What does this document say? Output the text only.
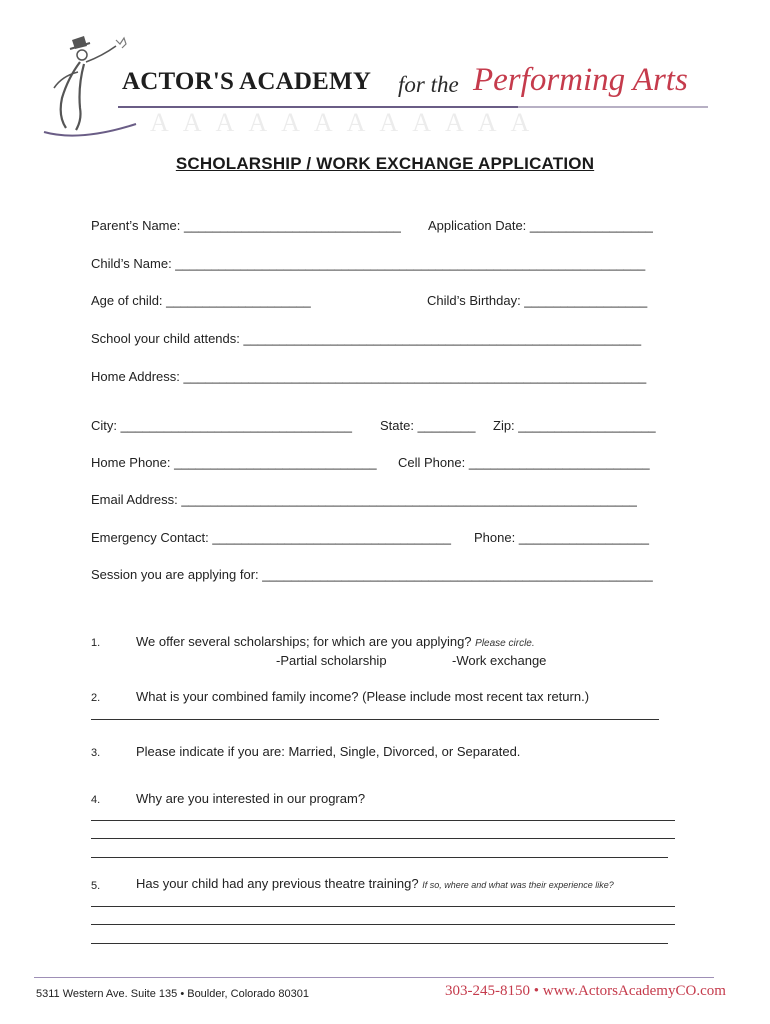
AAAAAAAAAAAA
ACTOR'S ACADEMY for the Performing Arts
SCHOLARSHIP / WORK EXCHANGE APPLICATION
Parent’s Name: ______________________________ Application Date: _________________
Child’s Name: _________________________________________________________________
Age of child: ____________________	Child’s Birthday: _________________
School your child attends: _______________________________________________________
Home Address: ________________________________________________________________
City: ________________________________ State: ________ Zip: ___________________
Home Phone: ____________________________ Cell Phone: _________________________
Email Address: _______________________________________________________________
Emergency Contact: _________________________________ Phone: __________________
Session you are applying for: ______________________________________________________
1.	We offer several scholarships; for which are you applying? Please circle.
-Partial scholarship	-Work exchange
2.	What is your combined family income? (Please include most recent tax return.)
3.	Please indicate if you are: Married, Single, Divorced, or Separated.
4.	Why are you interested in our program?
5.	Has your child had any previous theatre training? If so, where and what was their experience like?
5311 Western Ave. Suite 135 • Boulder, Colorado 80301	303-245-8150 • www.ActorsAcademyCO.com
